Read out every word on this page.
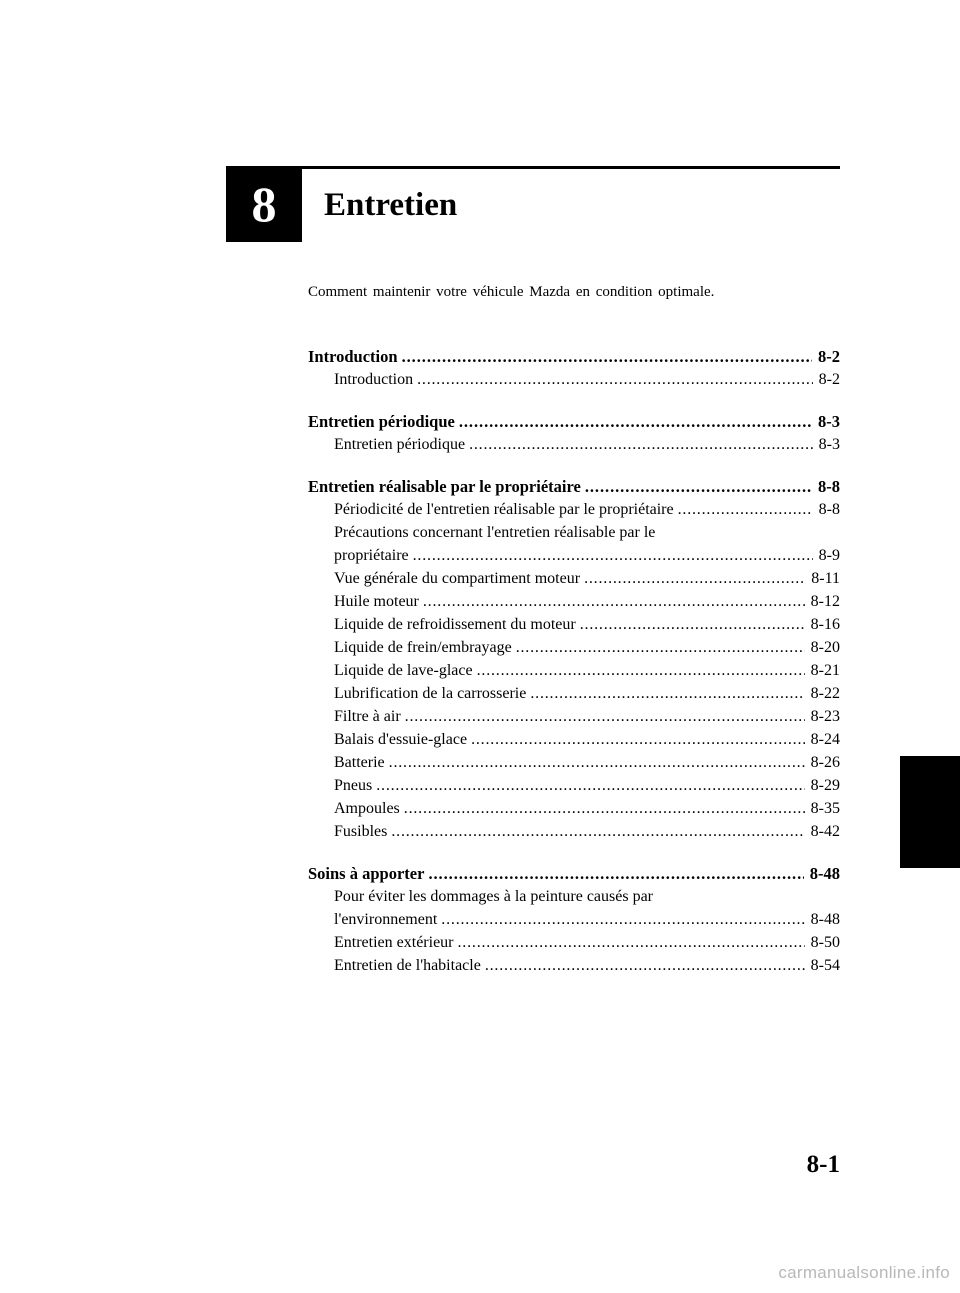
8	Entretien
Comment maintenir votre véhicule Mazda en condition optimale.
Introduction . . .	8-2
Introduction . . .	8-2
Entretien périodique . . .	8-3
Entretien périodique . . .	8-3
Entretien réalisable par le propriétaire . . .	8-8
Périodicité de l'entretien réalisable par le propriétaire . . .	8-8
Précautions concernant l'entretien réalisable par le
propriétaire . . .	8-9
Vue générale du compartiment moteur . . .	8-11
Huile moteur . . .	8-12
Liquide de refroidissement du moteur . . .	8-16
Liquide de frein/embrayage . . .	8-20
Liquide de lave-glace . . .	8-21
Lubrification de la carrosserie . . .	8-22
Filtre à air . . .	8-23
Balais d'essuie-glace . . .	8-24
Batterie . . .	8-26
Pneus . . .	8-29
Ampoules . . .	8-35
Fusibles . . .	8-42
Soins à apporter . . .	8-48
Pour éviter les dommages à la peinture causés par
l'environnement . . .	8-48
Entretien extérieur . . .	8-50
Entretien de l'habitacle . . .	8-54
8-1
carmanualsonline.info
